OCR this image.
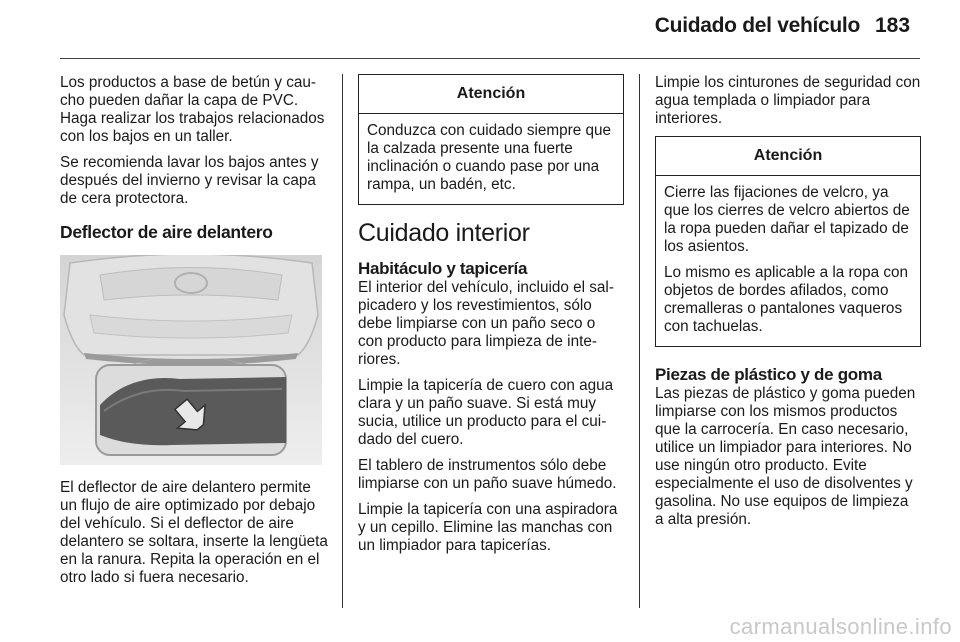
Cuidado del vehículo 183

Los productos a base de betún y caucho pueden dañar la capa de PVC. Haga realizar los trabajos relacionados con los bajos en un taller.

Se recomienda lavar los bajos antes y después del invierno y revisar la capa de cera protectora.

Deflector de aire delantero

El deflector de aire delantero permite un flujo de aire optimizado por debajo del vehículo. Si el deflector de aire delantero se soltara, inserte la lengüeta en la ranura. Repita la operación en el otro lado si fuera necesario.

Atención

Conduzca con cuidado siempre que la calzada presente una fuerte inclinación o cuando pase por una rampa, un badén, etc.

Cuidado interior
Habitáculo y tapicería

El interior del vehículo, incluido el salpicadero y los revestimientos, sólo debe limpiarse con un paño seco o con producto para limpieza de interiores.

Limpie la tapicería de cuero con agua clara y un paño suave. Si está muy sucia, utilice un producto para el cuidado del cuero.

El tablero de instrumentos sólo debe limpiarse con un paño suave húmedo.

Limpie la tapicería con una aspiradora y un cepillo. Elimine las manchas con un limpiador para tapicerías.

Limpie los cinturones de seguridad con agua templada o limpiador para interiores.

Atención

Cierre las fijaciones de velcro, ya que los cierres de velcro abiertos de la ropa pueden dañar el tapizado de los asientos.

Lo mismo es aplicable a la ropa con objetos de bordes afilados, como cremalleras o pantalones vaqueros con tachuelas.

Piezas de plástico y de goma

Las piezas de plástico y goma pueden limpiarse con los mismos productos que la carrocería. En caso necesario, utilice un limpiador para interiores. No use ningún otro producto. Evite especialmente el uso de disolventes y gasolina. No use equipos de limpieza a alta presión.

carmanualsonline.info
